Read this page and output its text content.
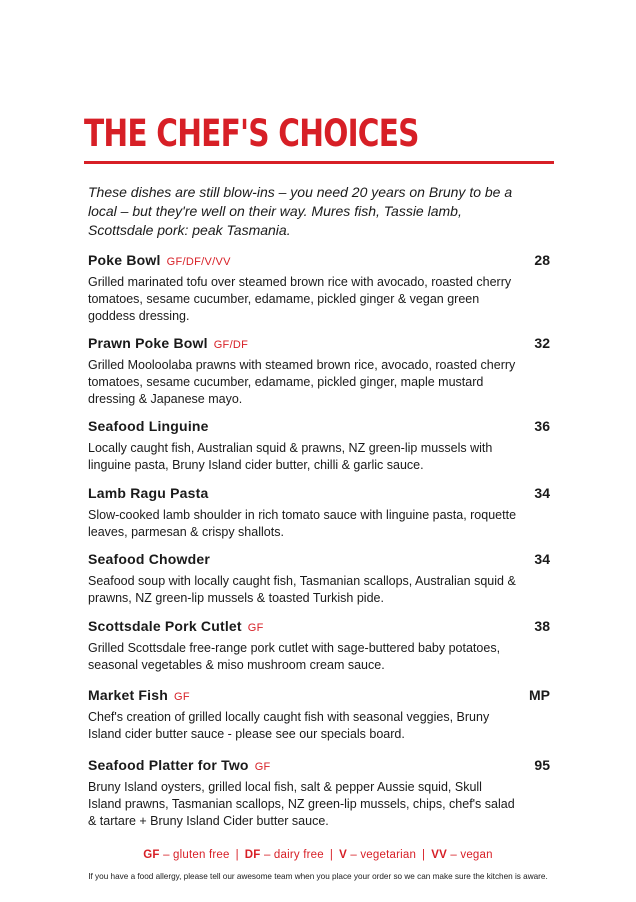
THE CHEF'S CHOICES

These dishes are still blow-ins – you need 20 years on Bruny to be a local – but they're well on their way. Mures fish, Tassie lamb, Scottsdale pork: peak Tasmania.

Poke Bowl GF/DF/V/VV	28

Grilled marinated tofu over steamed brown rice with avocado, roasted cherry tomatoes, sesame cucumber, edamame, pickled ginger & vegan green goddess dressing.

Prawn Poke Bowl GF/DF	32

Grilled Mooloolaba prawns with steamed brown rice, avocado, roasted cherry tomatoes, sesame cucumber, edamame, pickled ginger, maple mustard dressing & Japanese mayo.

Seafood Linguine	36

Locally caught fish, Australian squid & prawns, NZ green-lip mussels with linguine pasta, Bruny Island cider butter, chilli & garlic sauce.

Lamb Ragu Pasta	34

Slow-cooked lamb shoulder in rich tomato sauce with linguine pasta, roquette leaves, parmesan & crispy shallots.

Seafood Chowder	34

Seafood soup with locally caught fish, Tasmanian scallops, Australian squid & prawns, NZ green-lip mussels & toasted Turkish pide.

Scottsdale Pork Cutlet GF	38

Grilled Scottsdale free-range pork cutlet with sage-buttered baby potatoes, seasonal vegetables & miso mushroom cream sauce.

Market Fish GF	MP

Chef's creation of grilled locally caught fish with seasonal veggies, Bruny Island cider butter sauce - please see our specials board.

Seafood Platter for Two GF	95

Bruny Island oysters, grilled local fish, salt & pepper Aussie squid, Skull Island prawns, Tasmanian scallops, NZ green-lip mussels, chips, chef's salad & tartare + Bruny Island Cider butter sauce.

GF – gluten free | DF – dairy free | V – vegetarian | VV – vegan

If you have a food allergy, please tell our awesome team when you place your order so we can make sure the kitchen is aware.
